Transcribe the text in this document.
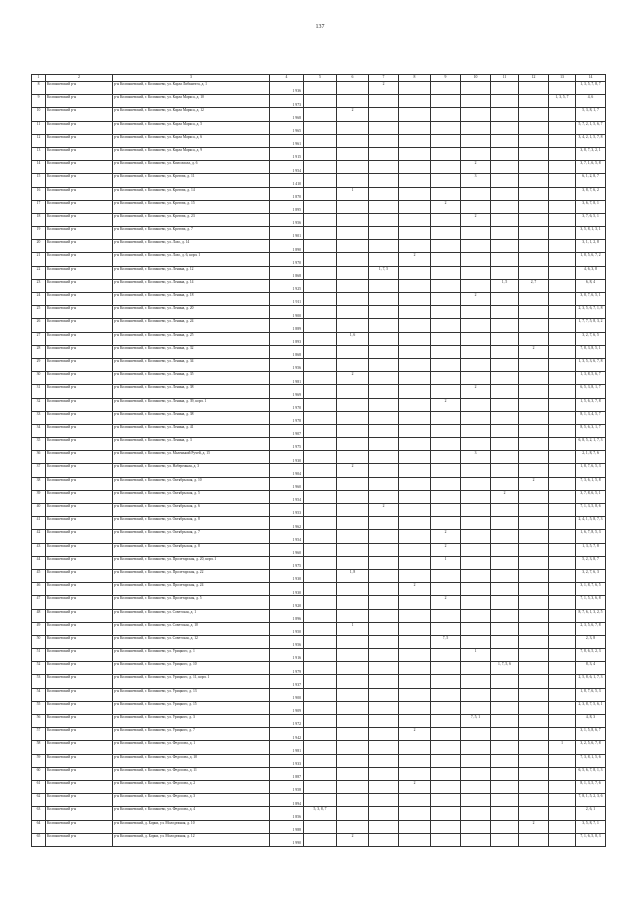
137
1	2	3	4	5	6	7	8	9	10	11	12	13	14
8	Колпашевский р-н	р-н Колпашевский, г. Колпашево, ул. Карла Либкнехта, д. 1	1 936			2							1, 3, 5, 7, 8, 7
9	Колпашевский р-н	р-н Колпашевский, г. Колпашево, ул. Карла Маркса, д. 10	1 973									1, 3, 5, 7	4, 6
10	Колпашевский р-н	р-н Колпашевский, г. Колпашево, ул. Карла Маркса, д. 12	1 968		2								5, 3, 8, 1, 7
11	Колпашевский р-н	р-н Колпашевский, г. Колпашево, ул. Карла Маркса, д. 5	1 965										5, 7, 2, 1, 5, 6, 7
12	Колпашевский р-н	р-н Колпашевский, г. Колпашево, ул. Карла Маркса, д. 6	1 961										3, 4, 2, 1, 5, 7, 8
13	Колпашевский р-н	р-н Колпашевский, г. Колпашево, ул. Карла Маркса, д. 9	1 915										3, 8, 7, 3, 2, 1
14	Колпашевский р-н	р-н Колпашевский, г. Колпашево, ул. Комсомола, д. 6	1 954						2				3, 7, 1, 6, 5, 8
15	Колпашевский р-н	р-н Колпашевский, г. Колпашево, ул. Кротова, д. 11	1 410						3				6, 1, 2, 8, 7
16	Колпашевский р-н	р-н Колпашевский, г. Колпашево, ул. Кротова, д. 14	1 870		1								3, 8, 7, 6, 2
17	Колпашевский р-н	р-н Колпашевский, г. Колпашево, ул. Кротова, д. 15	1 895					2					3, 6, 7, 8, 1
18	Колпашевский р-н	р-н Колпашевский, г. Колпашево, ул. Кротова, д. 23	1 956						2				3, 7, 6, 5, 1
19	Колпашевский р-н	р-н Колпашевский, г. Колпашево, ул. Кротова, д. 7	1 901										3, 5, 8, 1, 3, 1
20	Колпашевский р-н	р-н Колпашевский, г. Колпашево, ул. Лазо, д. 14	1 890										3, 1, 1, 2, 8
21	Колпашевский р-н	р-н Колпашевский, г. Колпашево, ул. Лазо, д. 6, корп. 1	1 970				2						1, 8, 5, 6, 7, 2
22	Колпашевский р-н	р-н Колпашевский, г. Колпашево, ул. Ленина, д. 12	1 868			1, 7, 5							4, 6, 3, 8
23	Колпашевский р-н	р-н Колпашевский, г. Колпашево, ул. Ленина, д. 14	1 925							1, 5	2, 7		6, 8, 4
24	Колпашевский р-н	р-н Колпашевский, г. Колпашево, ул. Ленина, д. 18	1 911						2				3, 8, 7, 6, 5, 1
25	Колпашевский р-н	р-н Колпашевский, г. Колпашево, ул. Ленина, д. 20	1 900										2, 3, 5, 6, 7, 1, 8
26	Колпашевский р-н	р-н Колпашевский, г. Колпашево, ул. Ленина, д. 24	1 889										1, 7, 7, 5, 8, 3, 2
27	Колпашевский р-н	р-н Колпашевский, г. Колпашево, ул. Ленина, д. 25	1 893		1, 6								3, 2, 7, 6, 5
28	Колпашевский р-н	р-н Колпашевский, г. Колпашево, ул. Ленина, д. 32	1 868								2		7, 8, 3, 8, 5, 1
29	Колпашевский р-н	р-н Колпашевский, г. Колпашево, ул. Ленина, д. 34	1 956										1, 3, 5, 3, 6, 7, 8
30	Колпашевский р-н	р-н Колпашевский, г. Колпашево, ул. Ленина, д. 35	1 981		2								1, 3, 8, 5, 6, 7
31	Колпашевский р-н	р-н Колпашевский, г. Колпашево, ул. Ленина, д. 38	1 969						2				6, 5, 3, 8, 1, 7
32	Колпашевский р-н	р-н Колпашевский, г. Колпашево, ул. Ленина, д. 39, корп. 1	1 970					2					1, 5, 6, 3, 7, 8
33	Колпашевский р-н	р-н Колпашевский, г. Колпашево, ул. Ленина, д. 38	1 978										8, 1, 3, 4, 5, 7
34	Колпашевский р-н	р-н Колпашевский, г. Колпашево, ул. Ленина, д. 41	1 907										8, 5, 6, 3, 1, 7
35	Колпашевский р-н	р-н Колпашевский, г. Колпашево, ул. Ленина, д. 3	1 975										6, 8, 5, 2, 1, 7, 3
36	Колпашевский р-н	р-н Колпашевский, г. Колпашево, ул. Маленький Ручей, д. 15	1 930						3				2, 1, 8, 7, 6
37	Колпашевский р-н	р-н Колпашевский, г. Колпашево, ул. Набережная, д. 3	1 904		2								1, 8, 7, 6, 5, 3
38	Колпашевский р-н	р-н Колпашевский, г. Колпашево, ул. Октябрьская, д. 10	1 960								2		7, 3, 6, 1, 5, 8
39	Колпашевский р-н	р-н Колпашевский, г. Колпашево, ул. Октябрьская, д. 5	1 954							2			3, 7, 8, 6, 5, 1
40	Колпашевский р-н	р-н Колпашевский, г. Колпашево, ул. Октябрьская, д. 6	1 953			2							7, 1, 3, 5, 8, 6
41	Колпашевский р-н	р-н Колпашевский, г. Колпашево, ул. Октябрьская, д. 8	1 962										2, 4, 1, 5, 8, 7, 3
42	Колпашевский р-н	р-н Колпашевский, г. Колпашево, ул. Октябрьская, д. 7	1 954					2					1, 6, 7, 8, 5, 3
43	Колпашевский р-н	р-н Колпашевский, г. Колпашево, ул. Октябрьская, д. 8	1 960					2					1, 3, 5, 7, 8
44	Колпашевский р-н	р-н Колпашевский, г. Колпашево, ул. Пролетарская, д. 20, корп. 1	1 975					1					5, 2, 3, 8, 7
45	Колпашевский р-н	р-н Колпашевский, г. Колпашево, ул. Пролетарская, д. 22	1 930		1, 8								3, 2, 7, 6, 3
46	Колпашевский р-н	р-н Колпашевский, г. Колпашево, ул. Пролетарская, д. 24	1 930				2						3, 1, 8, 7, 6, 5
47	Колпашевский р-н	р-н Колпашевский, г. Колпашево, ул. Пролетарская, д. 5	1 920					2					7, 1, 5, 3, 6, 8
48	Колпашевский р-н	р-н Колпашевский, г. Колпашево, ул. Советская, д. 1	1 896										8, 7, 6, 1, 3, 2, 5
49	Колпашевский р-н	р-н Колпашевский, г. Колпашево, ул. Советская, д. 10	1 950		1								2, 3, 5, 6, 7, 8
50	Колпашевский р-н	р-н Колпашевский, г. Колпашево, ул. Советская, д. 12	1 956					7, 5					2, 3, 8
51	Колпашевский р-н	р-н Колпашевский, г. Колпашево, ул. Урицкого, д. 1	1 916						1				7, 8, 6, 5, 2, 3
52	Колпашевский р-н	р-н Колпашевский, г. Колпашево, ул. Урицкого, д. 10	1 979							1, 7, 5, 6			8, 3, 4
53	Колпашевский р-н	р-н Колпашевский, г. Колпашево, ул. Урицкого, д. 11, корп. 1	1 937										2, 5, 8, 6, 1, 7, 3
54	Колпашевский р-н	р-н Колпашевский, г. Колпашево, ул. Урицкого, д. 13	1 900										1, 8, 7, 6, 5, 3
55	Колпашевский р-н	р-н Колпашевский, г. Колпашево, ул. Урицкого, д. 15	1 909										2, 3, 8, 7, 5, 6, 1
56	Колпашевский р-н	р-н Колпашевский, г. Колпашево, ул. Урицкого, д. 3	1 972						7, 5, 1				4, 8, 3
57	Колпашевский р-н	р-н Колпашевский, г. Колпашево, ул. Урицкого, д. 7	1 942				2						3, 1, 5, 8, 6, 7
58	Колпашевский р-н	р-н Колпашевский, г. Колпашево, ул. Федосова, д. 1	1 981									1	3, 2, 5, 6, 7, 8
59	Колпашевский р-н	р-н Колпашевский, г. Колпашево, ул. Федосова, д. 10	1 933										7, 3, 8, 1, 5, 6
60	Колпашевский р-н	р-н Колпашевский, г. Колпашево, ул. Федосова, д. 11	1 887										6, 5, 6, 7, 8, 1, 3
61	Колпашевский р-н	р-н Колпашевский, г. Колпашево, ул. Федосова, д. 2	1 958				2						8, 1, 3, 5, 7, 6
62	Колпашевский р-н	р-н Колпашевский, г. Колпашево, ул. Федосова, д. 3	1 894										7, 8, 1, 5, 2, 3, 6
63	Колпашевский р-н	р-н Колпашевский, г. Колпашево, ул. Федосова, д. 4	1 856	5, 3, 8, 7									2, 6, 1
64	Колпашевский р-н	р-н Колпашевский, д. Борки, ул. Молодежная, д. 10	1 988								2		3, 5, 8, 7, 1
65	Колпашевский р-н	р-н Колпашевский, д. Борки, ул. Молодежная, д. 12	1 990		2								7, 1, 6, 5, 8, 3
